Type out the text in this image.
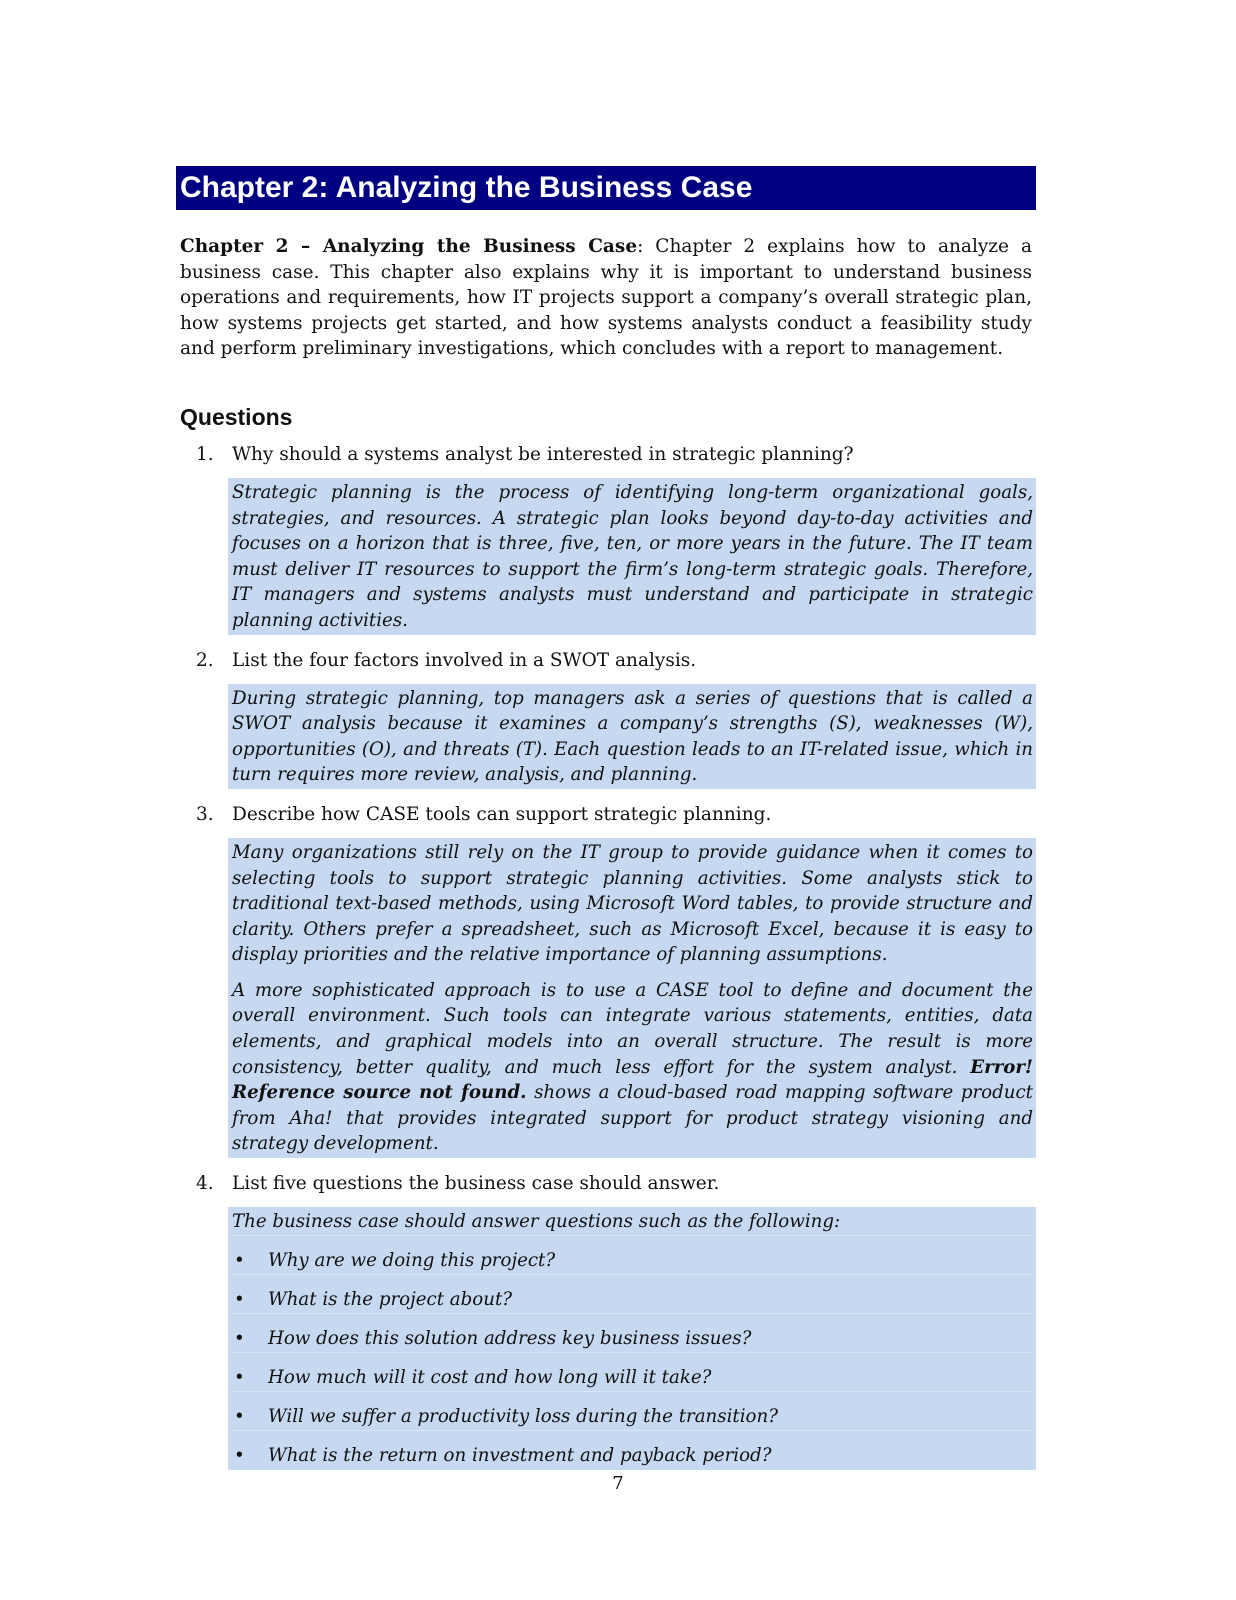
Chapter 2: Analyzing the Business Case

Chapter 2 – Analyzing the Business Case: Chapter 2 explains how to analyze a business case. This chapter also explains why it is important to understand business operations and requirements, how IT projects support a company’s overall strategic plan, how systems projects get started, and how systems analysts conduct a feasibility study and perform preliminary investigations, which concludes with a report to management.

Questions
1. Why should a systems analyst be interested in strategic planning?

Strategic planning is the process of identifying long-term organizational goals, strategies, and resources. A strategic plan looks beyond day-to-day activities and focuses on a horizon that is three, five, ten, or more years in the future. The IT team must deliver IT resources to support the firm’s long-term strategic goals. Therefore, IT managers and systems analysts must understand and participate in strategic planning activities.

2. List the four factors involved in a SWOT analysis.

During strategic planning, top managers ask a series of questions that is called a SWOT analysis because it examines a company’s strengths (S), weaknesses (W), opportunities (O), and threats (T). Each question leads to an IT-related issue, which in turn requires more review, analysis, and planning.

3. Describe how CASE tools can support strategic planning.

Many organizations still rely on the IT group to provide guidance when it comes to selecting tools to support strategic planning activities. Some analysts stick to traditional text-based methods, using Microsoft Word tables, to provide structure and clarity. Others prefer a spreadsheet, such as Microsoft Excel, because it is easy to display priorities and the relative importance of planning assumptions.

A more sophisticated approach is to use a CASE tool to define and document the overall environment. Such tools can integrate various statements, entities, data elements, and graphical models into an overall structure. The result is more consistency, better quality, and much less effort for the system analyst. Error! Reference source not found. shows a cloud-based road mapping software product from Aha! that provides integrated support for product strategy visioning and strategy development.

4. List five questions the business case should answer.

The business case should answer questions such as the following:

• Why are we doing this project?
• What is the project about?
• How does this solution address key business issues?
• How much will it cost and how long will it take?
• Will we suffer a productivity loss during the transition?
• What is the return on investment and payback period?
7
